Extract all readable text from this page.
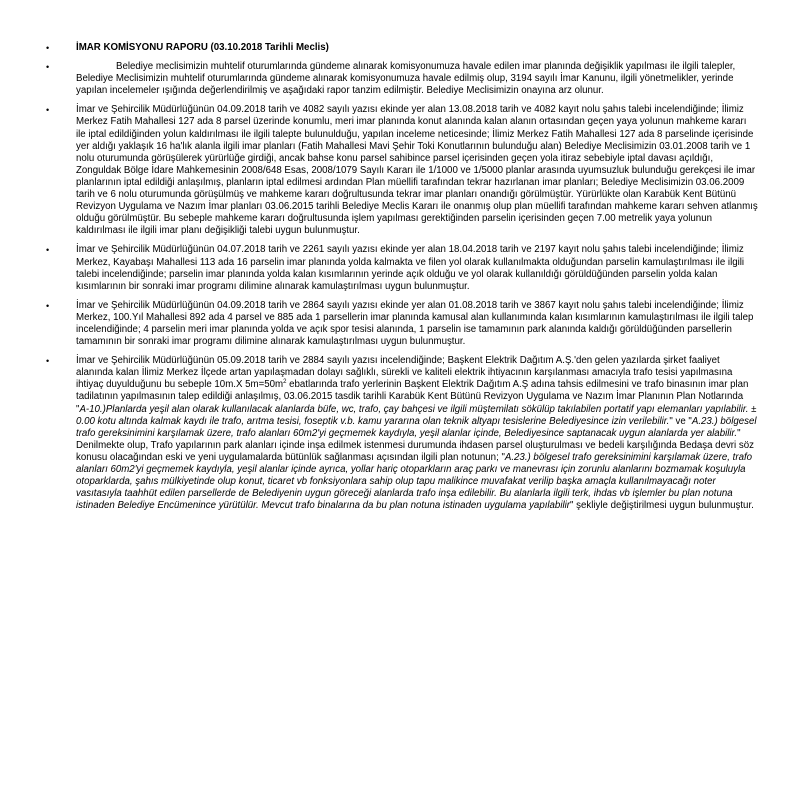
•	İMAR KOMİSYONU RAPORU (03.10.2018 Tarihli Meclis)
•	Belediye meclisimizin muhtelif oturumlarında gündeme alınarak komisyonumuza havale edilen imar planında değişiklik yapılması ile ilgili talepler, Belediye Meclisimizin muhtelif oturumlarında gündeme alınarak komisyonumuza havale edilmiş olup, 3194 sayılı İmar Kanunu, ilgili yönetmelikler, yerinde yapılan incelemeler ışığında değerlendirilmiş ve aşağıdaki rapor tanzim edilmiştir. Belediye Meclisimizin onayına arz olunur.
•	İmar ve Şehircilik Müdürlüğünün 04.09.2018 tarih ve 4082 sayılı yazısı ekinde yer alan 13.08.2018 tarih ve 4082 kayıt nolu şahıs talebi incelendiğinde; İlimiz Merkez Fatih Mahallesi 127 ada 8 parsel üzerinde konumlu, meri imar planında konut alanında kalan alanın ortasından geçen yaya yolunun mahkeme kararı ile iptal edildiğinden yolun kaldırılması ile ilgili talepte bulunulduğu, yapılan inceleme neticesinde; İlimiz Merkez Fatih Mahallesi 127 ada 8 parselinde içerisinde yer aldığı yaklaşık 16 ha'lık alanla ilgili imar planları (Fatih Mahallesi Mavi Şehir Toki Konutlarının bulunduğu alan) Belediye Meclisimizin 03.01.2008 tarih ve 1 nolu oturumunda görüşülerek yürürlüğe girdiği, ancak bahse konu parsel sahibince parsel içerisinden geçen yola itiraz sebebiyle iptal davası açıldığı, Zonguldak Bölge İdare Mahkemesinin 2008/648 Esas, 2008/1079 Sayılı Kararı ile 1/1000 ve 1/5000 planlar arasında uyumsuzluk bulunduğu gerekçesi ile imar planlarının iptal edildiği anlaşılmış, planların iptal edilmesi ardından Plan müellifi tarafından tekrar hazırlanan imar planları; Belediye Meclisimizin 03.06.2009 tarih ve 6 nolu oturumunda görüşülmüş ve mahkeme kararı doğrultusunda tekrar imar planları onandığı görülmüştür. Yürürlükte olan Karabük Kent Bütünü Revizyon Uygulama ve Nazım İmar planları 03.06.2015 tarihli Belediye Meclis Kararı ile onanmış olup plan müellifi tarafından mahkeme kararı sehven atlanmış olduğu görülmüştür. Bu sebeple mahkeme kararı doğrultusunda işlem yapılması gerektiğinden parselin içerisinden geçen 7.00 metrelik yaya yolunun kaldırılması ile ilgili imar planı değişikliği talebi uygun bulunmuştur.
•	İmar ve Şehircilik Müdürlüğünün 04.07.2018 tarih ve 2261 sayılı yazısı ekinde yer alan 18.04.2018 tarih ve 2197 kayıt nolu şahıs talebi incelendiğinde; İlimiz Merkez, Kayabaşı Mahallesi 113 ada 16 parselin imar planında yolda kalmakta ve filen yol olarak kullanılmakta olduğundan parselin kamulaştırılması ile ilgili talebi incelendiğinde; parselin imar planında yolda kalan kısımlarının yerinde açık olduğu ve yol olarak kullanıldığı görüldüğünden parselin yolda kalan kısımlarının bir sonraki imar programı dilimine alınarak kamulaştırılması uygun bulunmuştur.
•	İmar ve Şehircilik Müdürlüğünün 04.09.2018 tarih ve 2864 sayılı yazısı ekinde yer alan 01.08.2018 tarih ve 3867 kayıt nolu şahıs talebi incelendiğinde; İlimiz Merkez, 100.Yıl Mahallesi 892 ada 4 parsel ve 885 ada 1 parsellerin imar planında kamusal alan kullanımında kalan kısımlarının kamulaştırılması ile ilgili talep incelendiğinde; 4 parselin meri imar planında yolda ve açık spor tesisi alanında, 1 parselin ise tamamının park alanında kaldığı görüldüğünden parsellerin tamamının bir sonraki imar programı dilimine alınarak kamulaştırılması uygun bulunmuştur.
•	İmar ve Şehircilik Müdürlüğünün 05.09.2018 tarih ve 2884 sayılı yazısı incelendiğinde; Başkent Elektrik Dağıtım A.Ş.'den gelen yazılarda şirket faaliyet alanında kalan İlimiz Merkez İlçede artan yapılaşmadan dolayı sağlıklı, sürekli ve kaliteli elektrik ihtiyacının karşılanması amacıyla trafo tesisi yapılmasına ihtiyaç duyulduğunu bu sebeple 10m.X $5m=50m^2$ ebatlarında trafo yerlerinin Başkent Elektrik Dağıtım A.Ş adına tahsis edilmesini ve trafo binasının imar plan tadilatının yapılmasının talep edildiği anlaşılmış, 03.06.2015 tasdik tarihli Karabük Kent Bütünü Revizyon Uygulama ve Nazım İmar Planının Plan Notlarında "A-10.)Planlarda yeşil alan olarak kullanılacak alanlarda büfe, wc, trafo, çay bahçesi ve ilgili müştemilatı sökülüp takılabilen portatif yapı elemanları yapılabilir. ± 0.00 kotu altında kalmak kaydı ile trafo, arıtma tesisi, foseptik v.b. kamu yararına olan teknik altyapı tesislerine Belediyesince izin verilebilir." ve "A.23.) bölgesel trafo gereksinimini karşılamak üzere, trafo alanları 60m2'yi geçmemek kaydıyla, yeşil alanlar içinde, Belediyesince saptanacak uygun alanlarda yer alabilir." Denilmekte olup, Trafo yapılarının park alanları içinde inşa edilmek istenmesi durumunda ihdasen parsel oluşturulması ve bedeli karşılığında Bedaşa devri söz konusu olacağından eski ve yeni uygulamalarda bütünlük sağlanması açısından ilgili plan notunun; "A.23.) bölgesel trafo gereksinimini karşılamak üzere, trafo alanları 60m2'yi geçmemek kaydıyla, yeşil alanlar içinde ayrıca, yollar hariç otoparkların araç parkı ve manevrası için zorunlu alanlarını bozmamak koşuluyla otoparklarda, şahıs mülkiyetinde olup konut, ticaret vb fonksiyonlara sahip olup tapu malikince muvafakat verilip başka amaçla kullanılmayacağı noter vasıtasıyla taahhüt edilen parsellerde de Belediyenin uygun göreceği alanlarda trafo inşa edilebilir. Bu alanlarla ilgili terk, ihdas vb işlemler bu plan notuna istinaden Belediye Encümenince yürütülür. Mevcut trafo binalarına da bu plan notuna istinaden uygulama yapılabilir" şekliyle değiştirilmesi uygun bulunmuştur.
